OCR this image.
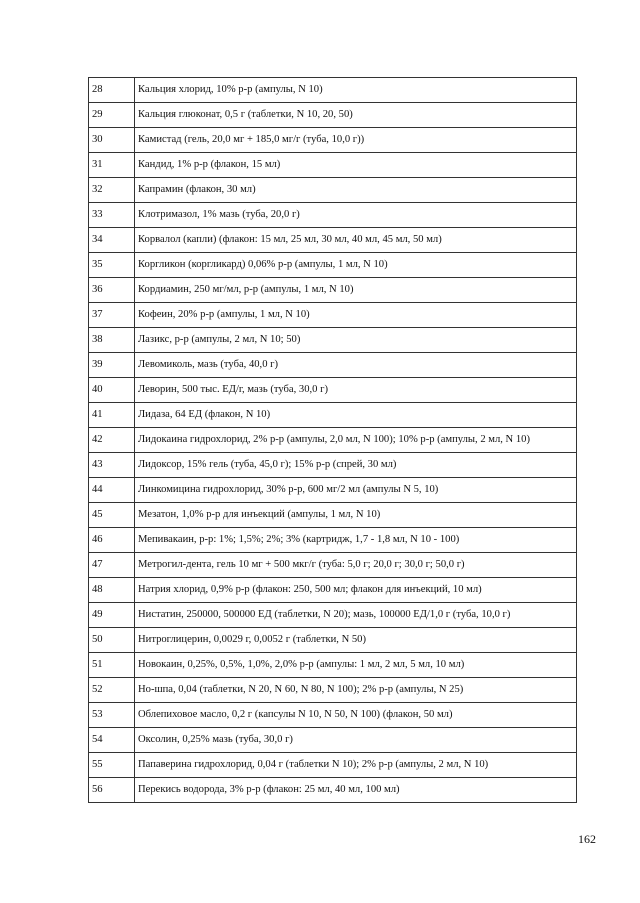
28	Кальция хлорид, 10% р-р (ампулы, N 10)
29	Кальция глюконат, 0,5 г (таблетки, N 10, 20, 50)
30	Камистад (гель, 20,0 мг + 185,0 мг/г (туба, 10,0 г))
31	Кандид, 1% р-р (флакон, 15 мл)
32	Капрамин (флакон, 30 мл)
33	Клотримазол, 1% мазь (туба, 20,0 г)
34	Корвалол (капли) (флакон: 15 мл, 25 мл, 30 мл, 40 мл, 45 мл, 50 мл)
35	Коргликон (коргликард) 0,06% р-р (ампулы, 1 мл, N 10)
36	Кордиамин, 250 мг/мл, р-р (ампулы, 1 мл, N 10)
37	Кофеин, 20% р-р (ампулы, 1 мл, N 10)
38	Лазикс, р-р (ампулы, 2 мл, N 10; 50)
39	Левомиколь, мазь (туба, 40,0 г)
40	Леворин, 500 тыс. ЕД/г, мазь (туба, 30,0 г)
41	Лидаза, 64 ЕД (флакон, N 10)
42	Лидокаина гидрохлорид, 2% р-р (ампулы, 2,0 мл, N 100); 10% р-р (ампулы, 2 мл, N 10)
43	Лидоксор, 15% гель (туба, 45,0 г); 15% р-р (спрей, 30 мл)
44	Линкомицина гидрохлорид, 30% р-р, 600 мг/2 мл (ампулы N 5, 10)
45	Мезатон, 1,0% р-р для инъекций (ампулы, 1 мл, N 10)
46	Мепивакаин, р-р: 1%; 1,5%; 2%; 3% (картридж, 1,7 - 1,8 мл, N 10 - 100)
47	Метрогил-дента, гель 10 мг + 500 мкг/г (туба: 5,0 г; 20,0 г; 30,0 г; 50,0 г)
48	Натрия хлорид, 0,9% р-р (флакон: 250, 500 мл; флакон для инъекций, 10 мл)
49	Нистатин, 250000, 500000 ЕД (таблетки, N 20); мазь, 100000 ЕД/1,0 г (туба, 10,0 г)
50	Нитроглицерин, 0,0029 г, 0,0052 г (таблетки, N 50)
51	Новокаин, 0,25%, 0,5%, 1,0%, 2,0% р-р (ампулы: 1 мл, 2 мл, 5 мл, 10 мл)
52	Но-шпа, 0,04 (таблетки, N 20, N 60, N 80, N 100); 2% р-р (ампулы, N 25)
53	Облепиховое масло, 0,2 г (капсулы N 10, N 50, N 100) (флакон, 50 мл)
54	Оксолин, 0,25% мазь (туба, 30,0 г)
55	Папаверина гидрохлорид, 0,04 г (таблетки N 10); 2% р-р (ампулы, 2 мл, N 10)
56	Перекись водорода, 3% р-р (флакон: 25 мл, 40 мл, 100 мл)
162
